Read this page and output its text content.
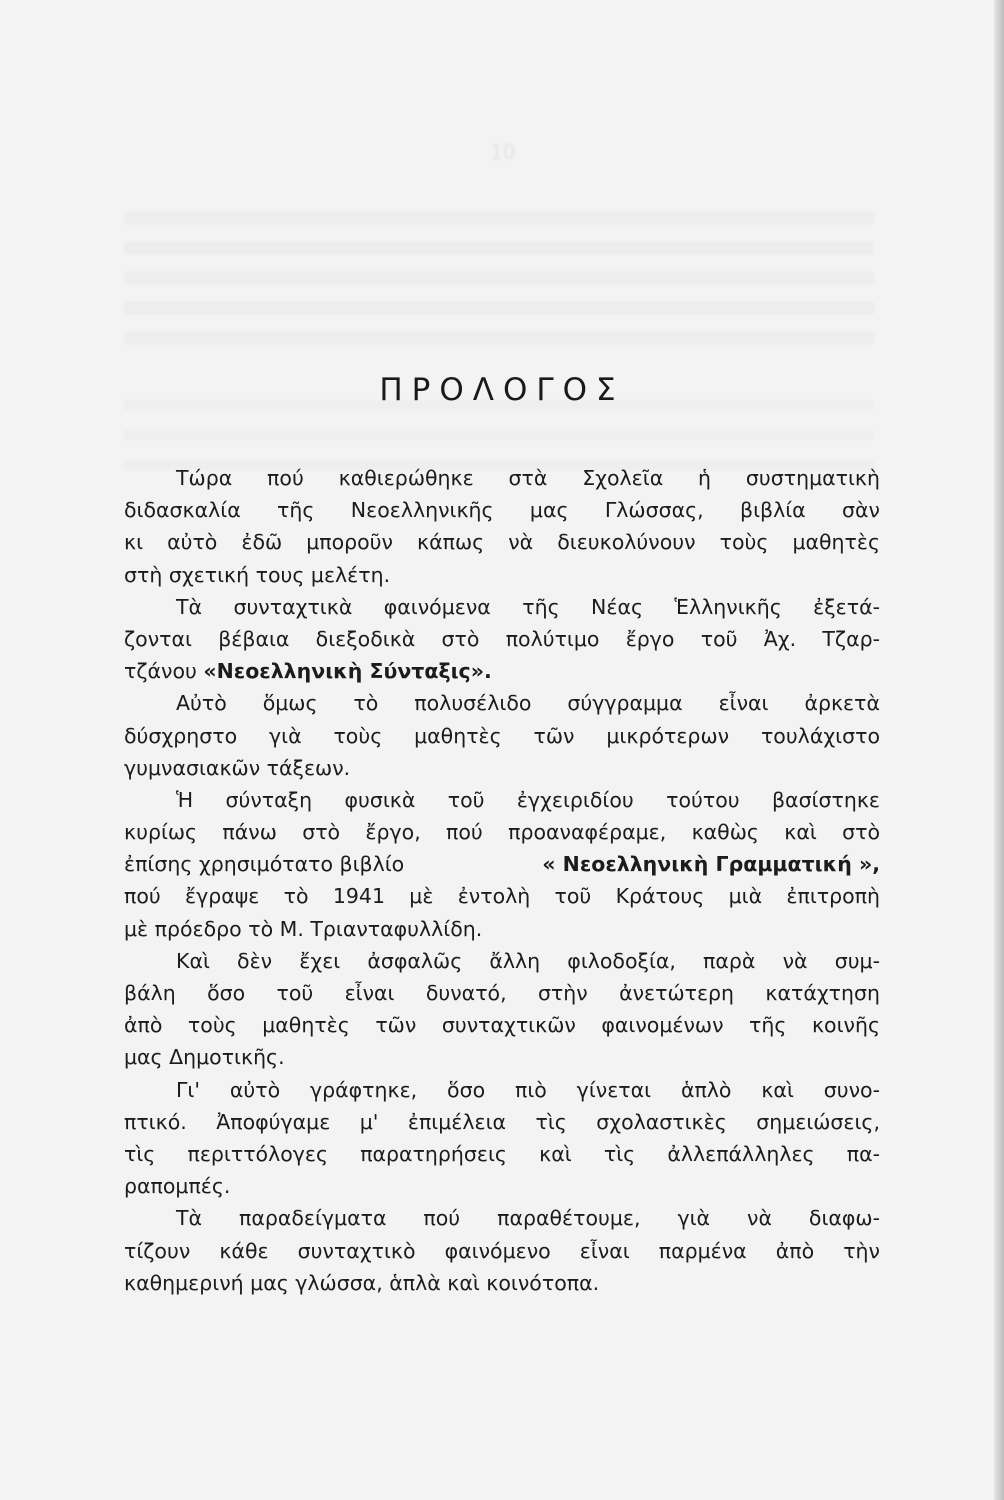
10
ΠΡΟΛΟΓΟΣ
Τώρα πού καθιερώθηκε στὰ Σχολεῖα ἡ συστηματικὴ
διδασκαλία τῆς Νεοελληνικῆς μας Γλώσσας, βιβλία σὰν
κι αὐτὸ ἐδῶ μποροῦν κάπως νὰ διευκολύνουν τοὺς μαθητὲς
στὴ σχετική τους μελέτη.
Τὰ συνταχτικὰ φαινόμενα τῆς Νέας Ἑλληνικῆς ἐξετά-
ζονται βέβαια διεξοδικὰ στὸ πολύτιμο ἔργο τοῦ Ἀχ. Τζαρ-
τζάνου «Νεοελληνικὴ Σύνταξις».
Αὐτὸ ὅμως τὸ πολυσέλιδο σύγγραμμα εἶναι ἀρκετὰ
δύσχρηστο γιὰ τοὺς μαθητὲς τῶν μικρότερων τουλάχιστο
γυμνασιακῶν τάξεων.
Ἡ σύνταξη φυσικὰ τοῦ ἐγχειριδίου τούτου βασίστηκε
κυρίως πάνω στὸ ἔργο, πού προαναφέραμε, καθὼς καὶ στὸ
ἐπίσης χρησιμότατο βιβλίο	« Νεοελληνικὴ Γραμματική »,
πού ἔγραψε τὸ 1941 μὲ ἐντολὴ τοῦ Κράτους μιὰ ἐπιτροπὴ
μὲ πρόεδρο τὸ Μ. Τριανταφυλλίδη.
Καὶ δὲν ἔχει ἀσφαλῶς ἄλλη φιλοδοξία, παρὰ νὰ συμ-
βάλη ὅσο τοῦ εἶναι δυνατό, στὴν ἀνετώτερη κατάχτηση
ἀπὸ τοὺς μαθητὲς τῶν συνταχτικῶν φαινομένων τῆς κοινῆς
μας Δημοτικῆς.
Γι' αὐτὸ γράφτηκε, ὅσο πιὸ γίνεται ἁπλὸ καὶ συνο-
πτικό. Ἀποφύγαμε μ' ἐπιμέλεια τὶς σχολαστικὲς σημειώσεις,
τὶς περιττόλογες παρατηρήσεις καὶ τὶς ἀλλεπάλληλες πα-
ραπομπές.
Τὰ παραδείγματα πού παραθέτουμε, γιὰ νὰ διαφω-
τίζουν κάθε συνταχτικὸ φαινόμενο εἶναι παρμένα ἀπὸ τὴν
καθημερινή μας γλώσσα, ἁπλὰ καὶ κοινότοπα.
